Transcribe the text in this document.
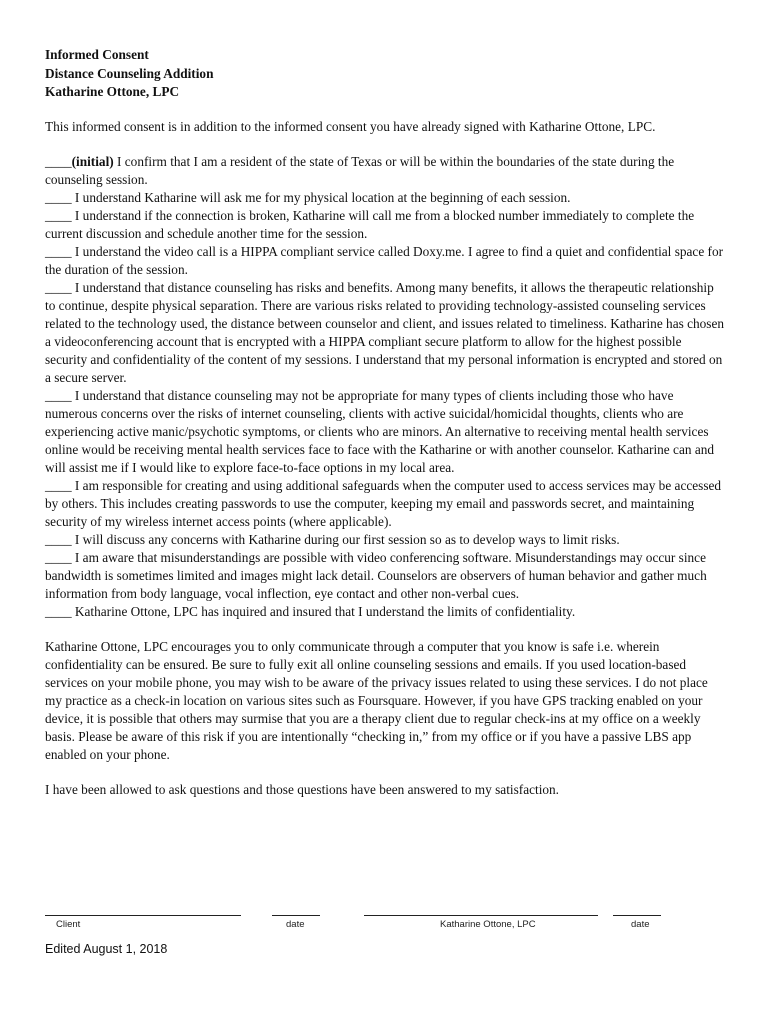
Informed Consent
Distance Counseling Addition
Katharine Ottone, LPC

This informed consent is in addition to the informed consent you have already signed with Katharine Ottone, LPC.

____(initial) I confirm that I am a resident of the state of Texas or will be within the boundaries of the state during the counseling session.

____ I understand Katharine will ask me for my physical location at the beginning of each session.

____ I understand if the connection is broken, Katharine will call me from a blocked number immediately to complete the current discussion and schedule another time for the session.

____ I understand the video call is a HIPPA compliant service called Doxy.me. I agree to find a quiet and confidential space for the duration of the session.

____ I understand that distance counseling has risks and benefits. Among many benefits, it allows the therapeutic relationship to continue, despite physical separation. There are various risks related to providing technology-assisted counseling services related to the technology used, the distance between counselor and client, and issues related to timeliness. Katharine has chosen a videoconferencing account that is encrypted with a HIPPA compliant secure platform to allow for the highest possible security and confidentiality of the content of my sessions. I understand that my personal information is encrypted and stored on a secure server.

____ I understand that distance counseling may not be appropriate for many types of clients including those who have numerous concerns over the risks of internet counseling, clients with active suicidal/homicidal thoughts, clients who are experiencing active manic/psychotic symptoms, or clients who are minors. An alternative to receiving mental health services online would be receiving mental health services face to face with the Katharine or with another counselor. Katharine can and will assist me if I would like to explore face-to-face options in my local area.

____ I am responsible for creating and using additional safeguards when the computer used to access services may be accessed by others. This includes creating passwords to use the computer, keeping my email and passwords secret, and maintaining security of my wireless internet access points (where applicable).

____ I will discuss any concerns with Katharine during our first session so as to develop ways to limit risks.

____ I am aware that misunderstandings are possible with video conferencing software. Misunderstandings may occur since bandwidth is sometimes limited and images might lack detail. Counselors are observers of human behavior and gather much information from body language, vocal inflection, eye contact and other non-verbal cues.

____ Katharine Ottone, LPC has inquired and insured that I understand the limits of confidentiality.

Katharine Ottone, LPC encourages you to only communicate through a computer that you know is safe i.e. wherein confidentiality can be ensured. Be sure to fully exit all online counseling sessions and emails. If you used location-based services on your mobile phone, you may wish to be aware of the privacy issues related to using these services. I do not place my practice as a check-in location on various sites such as Foursquare. However, if you have GPS tracking enabled on your device, it is possible that others may surmise that you are a therapy client due to regular check-ins at my office on a weekly basis. Please be aware of this risk if you are intentionally “checking in,” from my office or if you have a passive LBS app enabled on your phone.

I have been allowed to ask questions and those questions have been answered to my satisfaction.

Client	date	Katharine Ottone, LPC	date
Edited August 1, 2018
